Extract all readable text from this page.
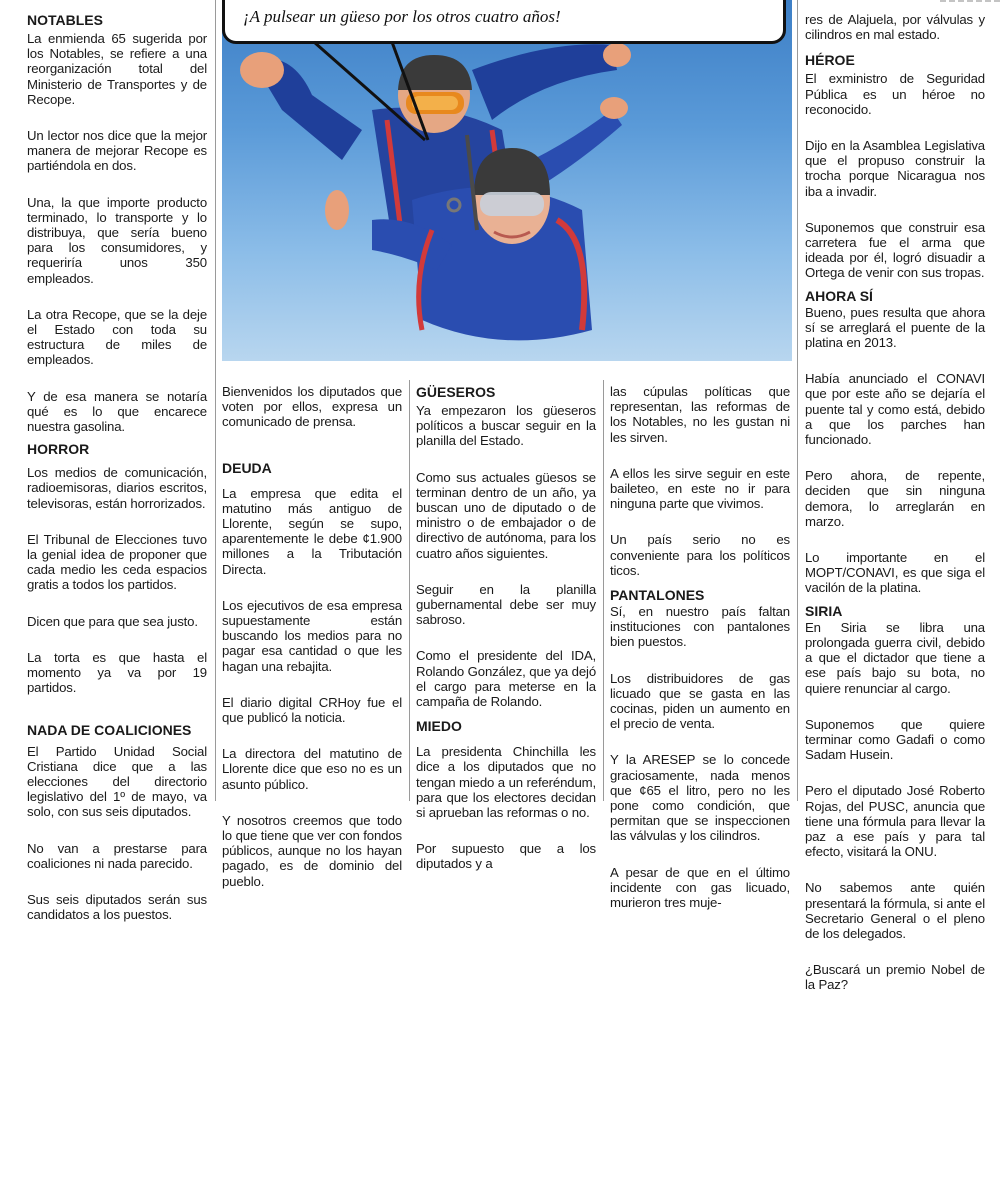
NOTABLES

La enmienda 65 sugerida por los Notables, se refiere a una reorganización total del Ministerio de Transportes y de Recope.

Un lector nos dice que la mejor manera de mejorar Recope es partiéndola en dos.

Una, la que importe producto terminado, lo transporte y lo distribuya, que sería bueno para los consumidores, y requeriría unos 350 empleados.

La otra Recope, que se la deje el Estado con toda su estructura de miles de empleados.

Y de esa manera se notaría qué es lo que encarece nuestra gasolina.

HORROR

Los medios de comunicación, radioemisoras, diarios escritos, televisoras, están horrorizados.

El Tribunal de Elecciones tuvo la genial idea de proponer que cada medio les ceda espacios gratis a todos los partidos.

Dicen que para que sea justo.

La torta es que hasta el momento ya va por 19 partidos.

NADA DE COALICIONES

El Partido Unidad Social Cristiana dice que a las elecciones del directorio legislativo del 1º de mayo, va solo, con sus seis diputados.

No van a prestarse para coaliciones ni nada parecido.

Sus seis diputados serán sus candidatos a los puestos.

¡A pulsear un güeso por los otros cuatro años!

Bienvenidos los diputados que voten por ellos, expresa un comunicado de prensa.

DEUDA

La empresa que edita el matutino más antiguo de Llorente, según se supo, aparentemente le debe ¢1.900 millones a la Tributación Directa.

Los ejecutivos de esa empresa supuestamente están buscando los medios para no pagar esa cantidad o que les hagan una rebajita.

El diario digital CRHoy fue el que publicó la noticia.

La directora del matutino de Llorente dice que eso no es un asunto público.

Y nosotros creemos que todo lo que tiene que ver con fondos públicos, aunque no los hayan pagado, es de dominio del pueblo.

GÜESEROS

Ya empezaron los güeseros políticos a buscar seguir en la planilla del Estado.

Como sus actuales güesos se terminan dentro de un año, ya buscan uno de diputado o de ministro o de embajador o de directivo de autónoma, para los cuatro años siguientes.

Seguir en la planilla gubernamental debe ser muy sabroso.

Como el presidente del IDA, Rolando González, que ya dejó el cargo para meterse en la campaña de Rolando.

MIEDO

La presidenta Chinchilla les dice a los diputados que no tengan miedo a un referéndum, para que los electores decidan si aprueban las reformas o no.

Por supuesto que a los diputados y a

las cúpulas políticas que representan, las reformas de los Notables, no les gustan ni les sirven.

A ellos les sirve seguir en este baileteo, en este no ir para ninguna parte que vivimos.

Un país serio no es conveniente para los políticos ticos.

PANTALONES

Sí, en nuestro país faltan instituciones con pantalones bien puestos.

Los distribuidores de gas licuado que se gasta en las cocinas, piden un aumento en el precio de venta.

Y la ARESEP se lo concede graciosamente, nada menos que ¢65 el litro, pero no les pone como condición, que permitan que se inspeccionen las válvulas y los cilindros.

A pesar de que en el último incidente con gas licuado, murieron tres muje-

res de Alajuela, por válvulas y cilindros en mal estado.

HÉROE

El exministro de Seguridad Pública es un héroe no reconocido.

Dijo en la Asamblea Legislativa que el propuso construir la trocha porque Nicaragua nos iba a invadir.

Suponemos que construir esa carretera fue el arma que ideada por él, logró disuadir a Ortega de venir con sus tropas.

AHORA SÍ

Bueno, pues resulta que ahora sí se arreglará el puente de la platina en 2013.

Había anunciado el CONAVI que por este año se dejaría el puente tal y como está, debido a que los parches han funcionado.

Pero ahora, de repente, deciden que sin ninguna demora, lo arreglarán en marzo.

Lo importante en el MOPT/CONAVI, es que siga el vacilón de la platina.

SIRIA

En Siria se libra una prolongada guerra civil, debido a que el dictador que tiene a ese país bajo su bota, no quiere renunciar al cargo.

Suponemos que quiere terminar como Gadafi o como Sadam Husein.

Pero el diputado José Roberto Rojas, del PUSC, anuncia que tiene una fórmula para llevar la paz a ese país y para tal efecto, visitará la ONU.

No sabemos ante quién presentará la fórmula, si ante el Secretario General o el pleno de los delegados.

¿Buscará un premio Nobel de la Paz?
